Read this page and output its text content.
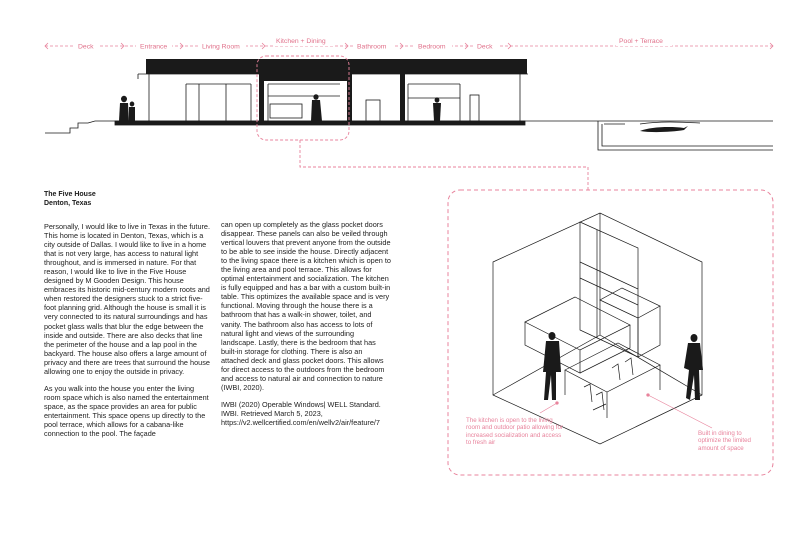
Deck	Entrance	Living Room
Kitchen + Dining
Bathroom	Bedroom	Deck
Pool + Terrace
The Five House
Denton, Texas

Personally, I would like to live in Texas in the future. This home is located in Denton, Texas, which is a city outside of Dallas. I would like to live in a home that is not very large, has access to natural light throughout, and is immersed in nature. For that reason, I would like to live in the Five House designed by M Gooden Design. This house embraces its historic mid-century modern roots and when restored the designers stuck to a strict five-foot planning grid. Although the house is small it is very connected to its natural surroundings and has pocket glass walls that blur the edge between the inside and outside. There are also decks that line the perimeter of the house and a lap pool in the backyard. The house also offers a large amount of privacy and there are trees that surround the house allowing one to enjoy the outside in privacy.

As you walk into the house you enter the living room space which is also named the entertainment space, as the space provides an area for public entertainment. This space opens up directly to the pool terrace, which allows for a cabana-like connection to the pool. The façade

can open up completely as the glass pocket doors disappear. These panels can also be veiled through vertical louvers that prevent anyone from the outside to be able to see inside the house. Directly adjacent to the living space there is a kitchen which is open to the living area and pool terrace. This allows for optimal entertainment and socialization. The kitchen is fully equipped and has a bar with a custom built-in table. This optimizes the available space and is very functional. Moving through the house there is a bathroom that has a walk-in shower, toilet, and vanity. The bathroom also has access to lots of natural light and views of the surrounding landscape. Lastly, there is the bedroom that has built-in storage for clothing. There is also an attached deck and glass pocket doors. This allows for direct access to the outdoors from the bedroom and access to natural air and connection to nature (IWBI, 2020).

IWBI (2020) Operable Windows| WELL Standard. IWBI. Retrieved March 5, 2023, https://v2.wellcertified.com/en/wellv2/air/feature/7	The kitchen is open to the living room and outdoor patio allowing for increased socialization and access to fresh air
Built in dining to optimize the limited amount of space
